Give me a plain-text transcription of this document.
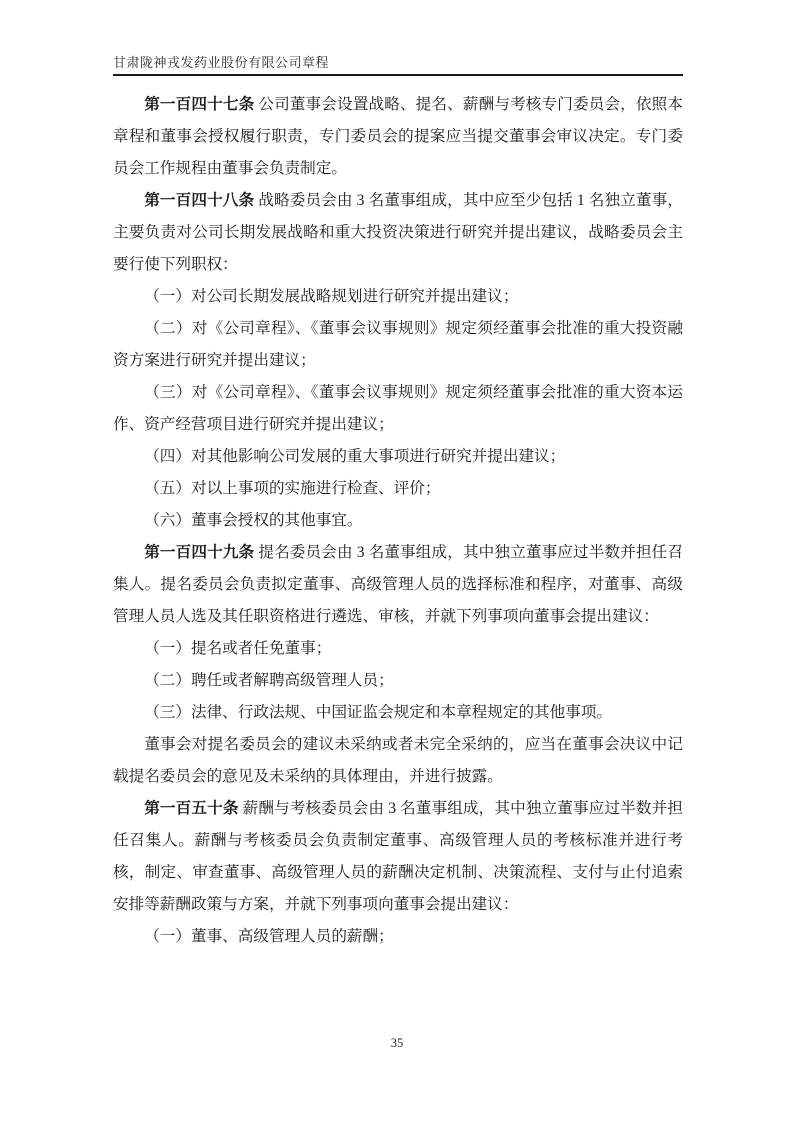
甘肃陇神戎发药业股份有限公司章程

第一百四十七条 公司董事会设置战略、提名、薪酬与考核专门委员会，依照本章程和董事会授权履行职责，专门委员会的提案应当提交董事会审议决定。专门委员会工作规程由董事会负责制定。

第一百四十八条 战略委员会由 3 名董事组成，其中应至少包括 1 名独立董事，主要负责对公司长期发展战略和重大投资决策进行研究并提出建议，战略委员会主要行使下列职权：

（一）对公司长期发展战略规划进行研究并提出建议；

（二）对《公司章程》、《董事会议事规则》规定须经董事会批准的重大投资融资方案进行研究并提出建议；

（三）对《公司章程》、《董事会议事规则》规定须经董事会批准的重大资本运作、资产经营项目进行研究并提出建议；

（四）对其他影响公司发展的重大事项进行研究并提出建议；

（五）对以上事项的实施进行检查、评价；

（六）董事会授权的其他事宜。

第一百四十九条 提名委员会由 3 名董事组成，其中独立董事应过半数并担任召集人。提名委员会负责拟定董事、高级管理人员的选择标准和程序，对董事、高级管理人员人选及其任职资格进行遴选、审核，并就下列事项向董事会提出建议：

（一）提名或者任免董事；

（二）聘任或者解聘高级管理人员；

（三）法律、行政法规、中国证监会规定和本章程规定的其他事项。

董事会对提名委员会的建议未采纳或者未完全采纳的，应当在董事会决议中记载提名委员会的意见及未采纳的具体理由，并进行披露。

第一百五十条 薪酬与考核委员会由 3 名董事组成，其中独立董事应过半数并担任召集人。薪酬与考核委员会负责制定董事、高级管理人员的考核标准并进行考核，制定、审查董事、高级管理人员的薪酬决定机制、决策流程、支付与止付追索安排等薪酬政策与方案，并就下列事项向董事会提出建议：

（一）董事、高级管理人员的薪酬；

35
